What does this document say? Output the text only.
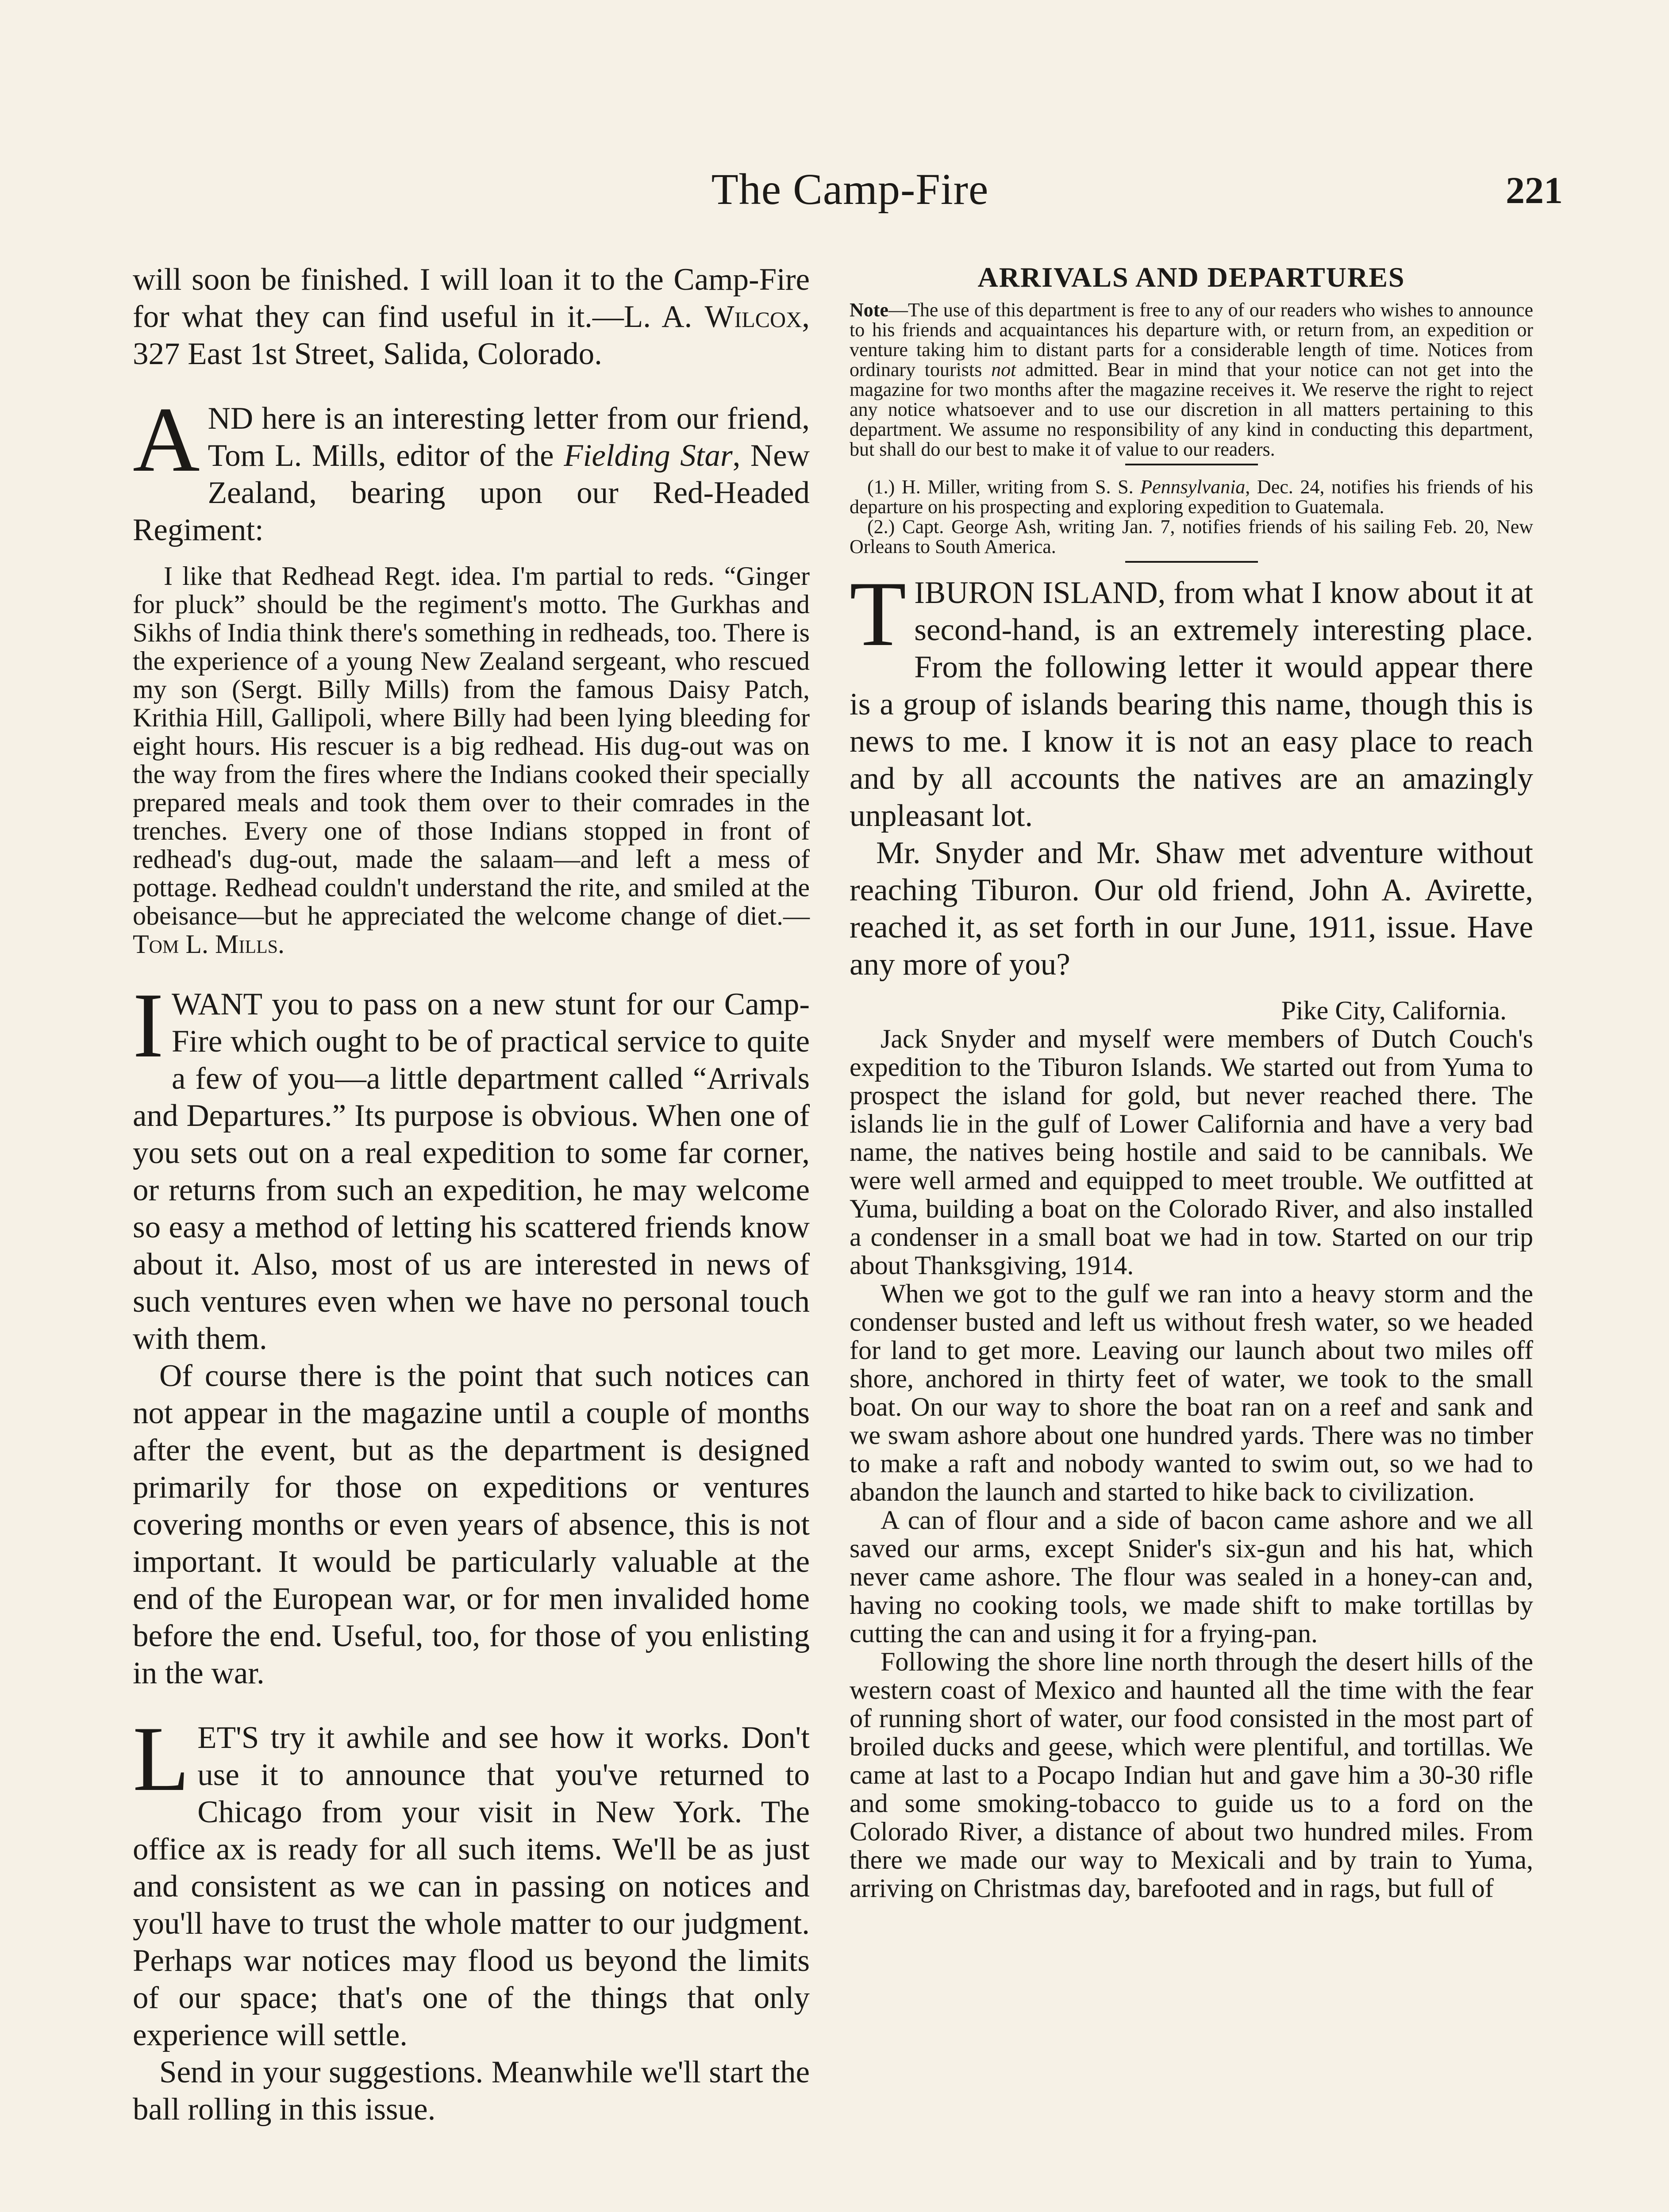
The Camp-Fire	221

will soon be finished. I will loan it to the Camp-Fire for what they can find useful in it.—L. A. Wilcox, 327 East 1st Street, Salida, Colorado.

AND here is an interesting letter from our friend, Tom L. Mills, editor of the Fielding Star, New Zealand, bearing upon our Red-Headed Regiment:

I like that Redhead Regt. idea. I'm partial to reds. “Ginger for pluck” should be the regiment's motto. The Gurkhas and Sikhs of India think there's something in redheads, too. There is the experience of a young New Zealand sergeant, who rescued my son (Sergt. Billy Mills) from the famous Daisy Patch, Krithia Hill, Gallipoli, where Billy had been lying bleeding for eight hours. His rescuer is a big redhead. His dug-out was on the way from the fires where the Indians cooked their specially prepared meals and took them over to their comrades in the trenches. Every one of those Indians stopped in front of redhead's dug-out, made the salaam—and left a mess of pottage. Redhead couldn't understand the rite, and smiled at the obeisance—but he appreciated the welcome change of diet.—Tom L. Mills.

I WANT you to pass on a new stunt for our Camp-Fire which ought to be of practical service to quite a few of you—a little department called “Arrivals and Departures.” Its purpose is obvious. When one of you sets out on a real expedition to some far corner, or returns from such an expedition, he may welcome so easy a method of letting his scattered friends know about it. Also, most of us are interested in news of such ventures even when we have no personal touch with them.

Of course there is the point that such notices can not appear in the magazine until a couple of months after the event, but as the department is designed primarily for those on expeditions or ventures covering months or even years of absence, this is not important. It would be particularly valuable at the end of the European war, or for men invalided home before the end. Useful, too, for those of you enlisting in the war.

LET'S try it awhile and see how it works. Don't use it to announce that you've returned to Chicago from your visit in New York. The office ax is ready for all such items. We'll be as just and consistent as we can in passing on notices and you'll have to trust the whole matter to our judgment. Perhaps war notices may flood us beyond the limits of our space; that's one of the things that only experience will settle.

Send in your suggestions. Meanwhile we'll start the ball rolling in this issue.

ARRIVALS AND DEPARTURES

Note—The use of this department is free to any of our readers who wishes to announce to his friends and acquaintances his departure with, or return from, an expedition or venture taking him to distant parts for a considerable length of time. Notices from ordinary tourists not admitted. Bear in mind that your notice can not get into the magazine for two months after the magazine receives it. We reserve the right to reject any notice whatsoever and to use our discretion in all matters pertaining to this department. We assume no responsibility of any kind in conducting this department, but shall do our best to make it of value to our readers.

(1.) H. Miller, writing from S. S. Pennsylvania, Dec. 24, notifies his friends of his departure on his prospecting and exploring expedition to Guatemala.

(2.) Capt. George Ash, writing Jan. 7, notifies friends of his sailing Feb. 20, New Orleans to South America.

TIBURON ISLAND, from what I know about it at second-hand, is an extremely interesting place. From the following letter it would appear there is a group of islands bearing this name, though this is news to me. I know it is not an easy place to reach and by all accounts the natives are an amazingly unpleasant lot.

Mr. Snyder and Mr. Shaw met adventure without reaching Tiburon. Our old friend, John A. Avirette, reached it, as set forth in our June, 1911, issue. Have any more of you?

Pike City, California.

Jack Snyder and myself were members of Dutch Couch's expedition to the Tiburon Islands. We started out from Yuma to prospect the island for gold, but never reached there. The islands lie in the gulf of Lower California and have a very bad name, the natives being hostile and said to be cannibals. We were well armed and equipped to meet trouble. We outfitted at Yuma, building a boat on the Colorado River, and also installed a condenser in a small boat we had in tow. Started on our trip about Thanksgiving, 1914.

When we got to the gulf we ran into a heavy storm and the condenser busted and left us without fresh water, so we headed for land to get more. Leaving our launch about two miles off shore, anchored in thirty feet of water, we took to the small boat. On our way to shore the boat ran on a reef and sank and we swam ashore about one hundred yards. There was no timber to make a raft and nobody wanted to swim out, so we had to abandon the launch and started to hike back to civilization.

A can of flour and a side of bacon came ashore and we all saved our arms, except Snider's six-gun and his hat, which never came ashore. The flour was sealed in a honey-can and, having no cooking tools, we made shift to make tortillas by cutting the can and using it for a frying-pan.

Following the shore line north through the desert hills of the western coast of Mexico and haunted all the time with the fear of running short of water, our food consisted in the most part of broiled ducks and geese, which were plentiful, and tortillas. We came at last to a Pocapo Indian hut and gave him a 30-30 rifle and some smoking-tobacco to guide us to a ford on the Colorado River, a distance of about two hundred miles. From there we made our way to Mexicali and by train to Yuma, arriving on Christmas day, barefooted and in rags, but full of
